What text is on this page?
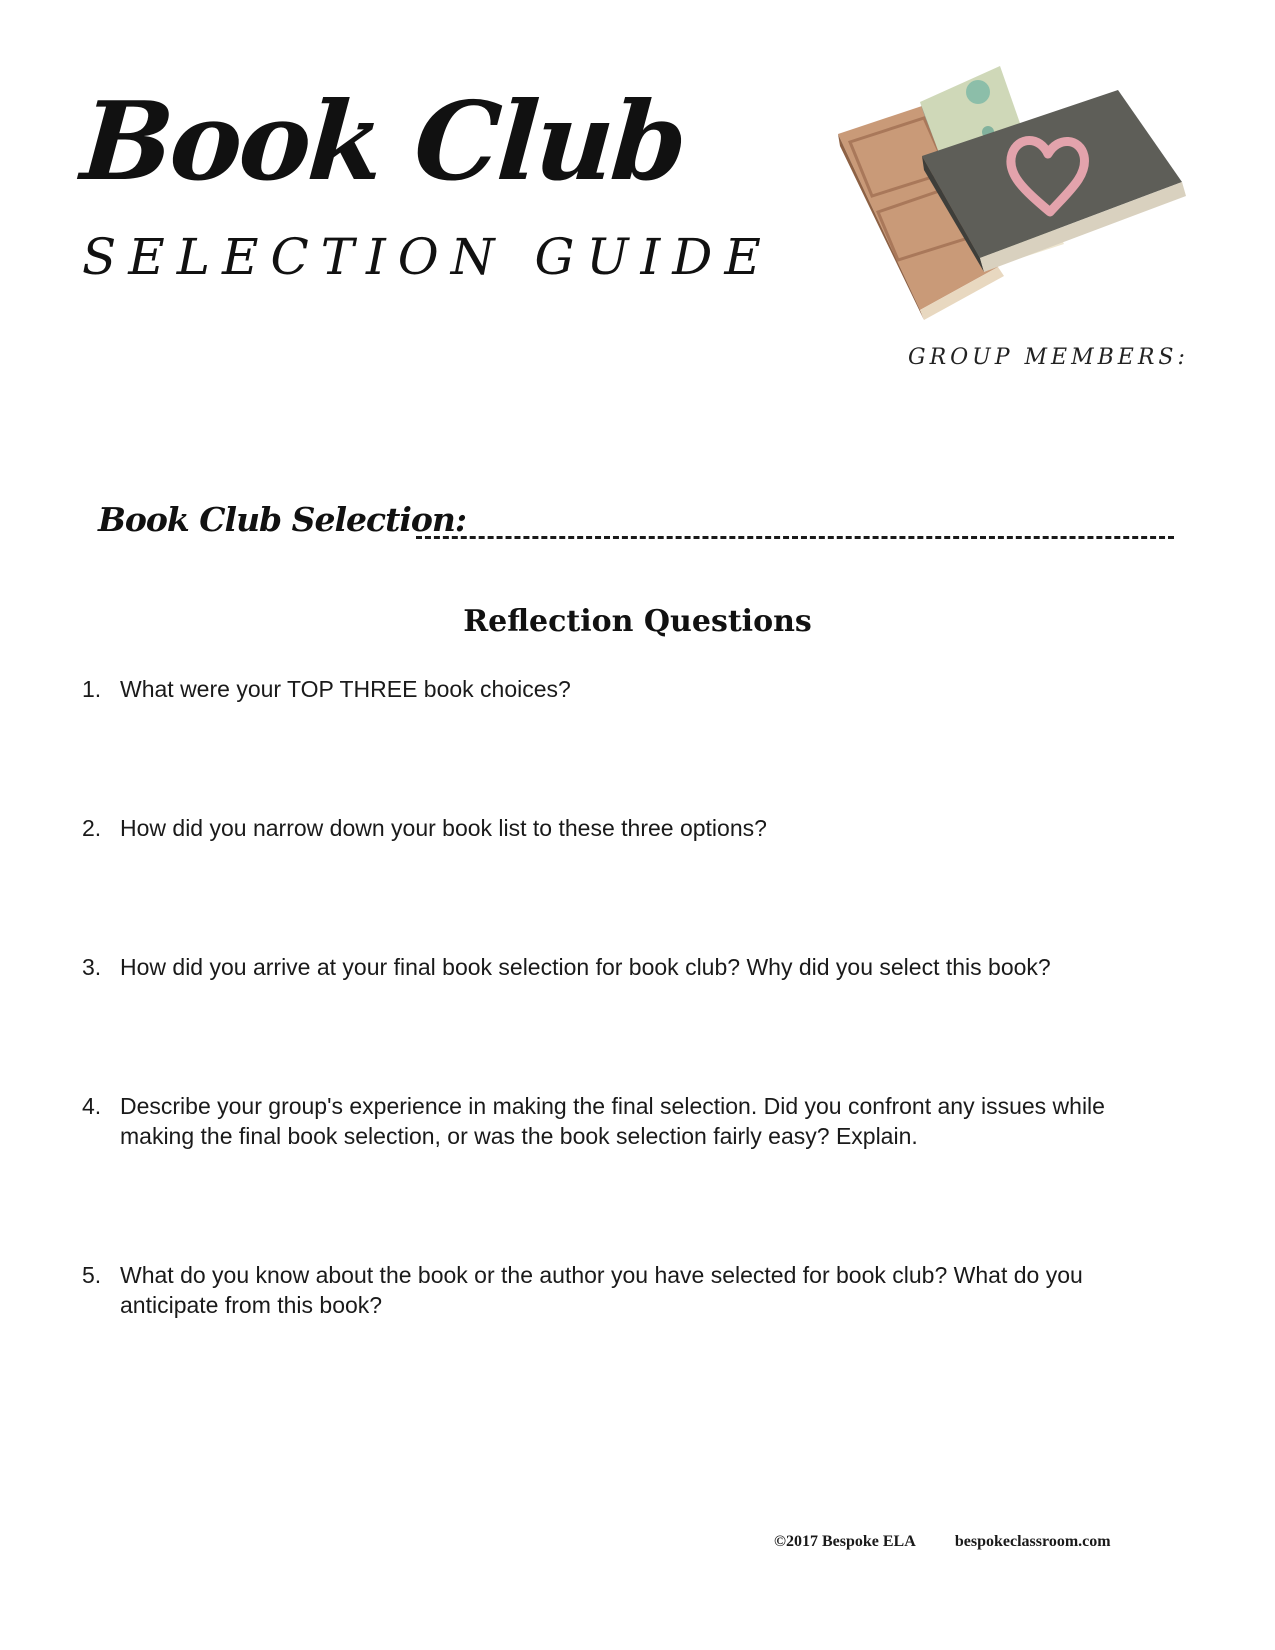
Book Club
SELECTION GUIDE
GROUP MEMBERS:
Book Club Selection:
Reflection Questions
1. What were your TOP THREE book choices?
2. How did you narrow down your book list to these three options?
3. How did you arrive at your final book selection for book club? Why did you select this book?
4. Describe your group's experience in making the final selection. Did you confront any issues while making the final book selection, or was the book selection fairly easy? Explain.
5. What do you know about the book or the author you have selected for book club? What do you anticipate from this book?
©2017 Bespoke ELA	bespokeclassroom.com
